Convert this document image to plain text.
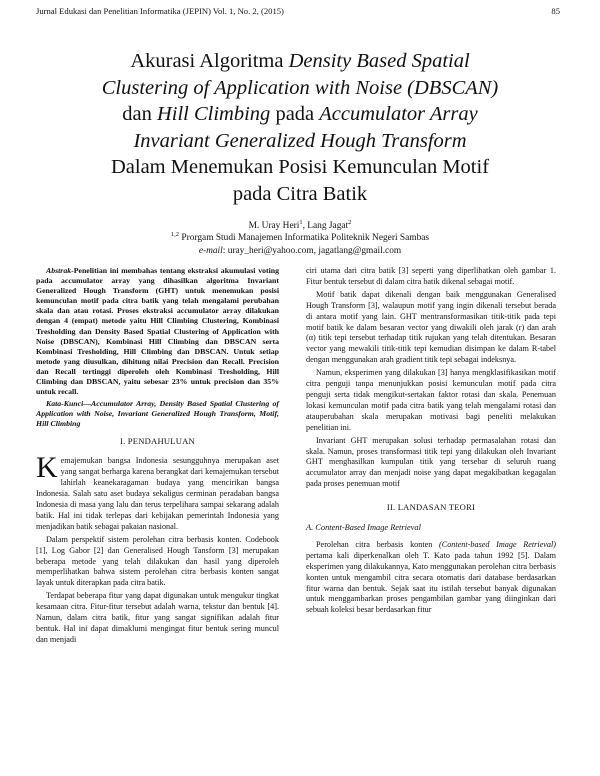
Jurnal Edukasi dan Penelitian Informatika (JEPIN) Vol. 1, No. 2, (2015)	85
Akurasi Algoritma Density Based Spatial
Clustering of Application with Noise (DBSCAN)
dan Hill Climbing pada Accumulator Array
Invariant Generalized Hough Transform
Dalam Menemukan Posisi Kemunculan Motif
pada Citra Batik
M. Uray Heri$^1$, Lang Jagat$^2$
$^{1,2}$ Prorgam Studi Manajemen Informatika Politeknik Negeri Sambas
e-mail: uray_heri@yahoo.com, jagatlang@gmail.com

Abstrak-Penelitian ini membahas tentang ekstraksi akumulasi voting pada accumulator array yang dihasilkan algoritma Invariant Generalized Hough Transform (GHT) untuk menemukan posisi kemunculan motif pada citra batik yang telah mengalami perubahan skala dan atau rotasi. Proses ekstraksi accumulator array dilakukan dengan 4 (empat) metode yaitu Hill Climbing Clustering, Kombinasi Tresholding dan Density Based Spatial Clustering of Application with Noise (DBSCAN), Kombinasi Hill Climbing dan DBSCAN serta Kombinasi Tresholding, Hill Climbing dan DBSCAN. Untuk setiap metode yang diusulkan, dihitung nilai Precision dan Recall. Precision dan Recall tertinggi diperoleh oleh Kombinasi Tresholding, Hill Climbing dan DBSCAN, yaitu sebesar 23% untuk precision dan 35% untuk recall.

Kata-Kunci—Accumulator Array, Density Based Spatial Clustering of Application with Noise, Invariant Generalized Hough Transform, Motif, Hill Climbing

I. PENDAHULUAN

Kemajemukan bangsa Indonesia sesungguhnya merupakan aset yang sangat berharga karena berangkat dari kemajemukan tersebut lahirlah keanekaragaman budaya yang mencirikan bangsa Indonesia. Salah satu aset budaya sekaligus cerminan peradaban bangsa Indonesia di masa yang lalu dan terus terpelihara sampai sekarang adalah batik. Hal ini tidak terlepas dari kebijakan pemerintah Indonesia yang menjadikan batik sebagai pakaian nasional.

Dalam perspektif sistem perolehan citra berbasis konten. Codebook [1], Log Gabor [2] dan Generalised Hough Tansform [3] merupakan beberapa metode yang telah dilakukan dan hasil yang diperoleh memperlihatkan bahwa sistem perolehan citra berbasis konten sangat layak untuk diterapkan pada citra batik.

Terdapat beberapa fitur yang dapat digunakan untuk mengukur tingkat kesamaan citra. Fitur-fitur tersebut adalah warna, tekstur dan bentuk [4]. Namun, dalam citra batik, fitur yang sangat signifikan adalah fitur bentuk. Hal ini dapat dimaklumi mengingat fitur bentuk sering muncul dan menjadi

ciri utama dari citra batik [3] seperti yang diperlihatkan oleh gambar 1. Fitur bentuk tersebut di dalam citra batik dikenal sebagai motif.

Motif batik dapat dikenali dengan baik menggunakan Generalised Hough Transform [3], walaupun motif yang ingin dikenali tersebut berada di antara motif yang lain. GHT mentransformasikan titik-titik pada tepi motif batik ke dalam besaran vector yang diwakili oleh jarak (r) dan arah (α) titik tepi tersebut terhadap titik rujukan yang telah ditentukan. Besaran vector yang mewakili titik-titik tepi kemudian disimpan ke dalam R-tabel dengan menggunakan arah gradient titik tepi sebagai indeksnya.

Namun, eksperimen yang dilakukan [3] hanya mengklasifikasikan motif citra penguji tanpa menunjukkan posisi kemunculan motif pada citra penguji serta tidak mengikut-sertakan faktor rotasi dan skala. Penemuan lokasi kemunculan motif pada citra batik yang telah mengalami rotasi dan atauperubahan skala merupakan motivasi bagi peneliti melakukan penelitian ini.

Invariant GHT merupakan solusi terhadap permasalahan rotasi dan skala. Namun, proses transformasi titik tepi yang dilakukan oleh Invariant GHT menghasilkan kumpulan titik yang tersebar di seluruh ruang accumulator array dan menjadi noise yang dapat megakibatkan kegagalan pada proses penemuan motif

II. LANDASAN TEORI
A. Content-Based Image Retrieval

Perolehan citra berbasis konten (Content-based Image Retrieval) pertama kali diperkenalkan oleh T. Kato pada tahun 1992 [5]. Dalam eksperimen yang dilakukannya, Kato menggunakan perolehan citra berbasis konten untuk mengambil citra secara otomatis dari database berdasarkan fitur warna dan bentuk. Sejak saat itu istilah tersebut banyak digunakan untuk menggambarkan proses pengambilan gambar yang diinginkan dari sebuah koleksi besar berdasarkan fitur
